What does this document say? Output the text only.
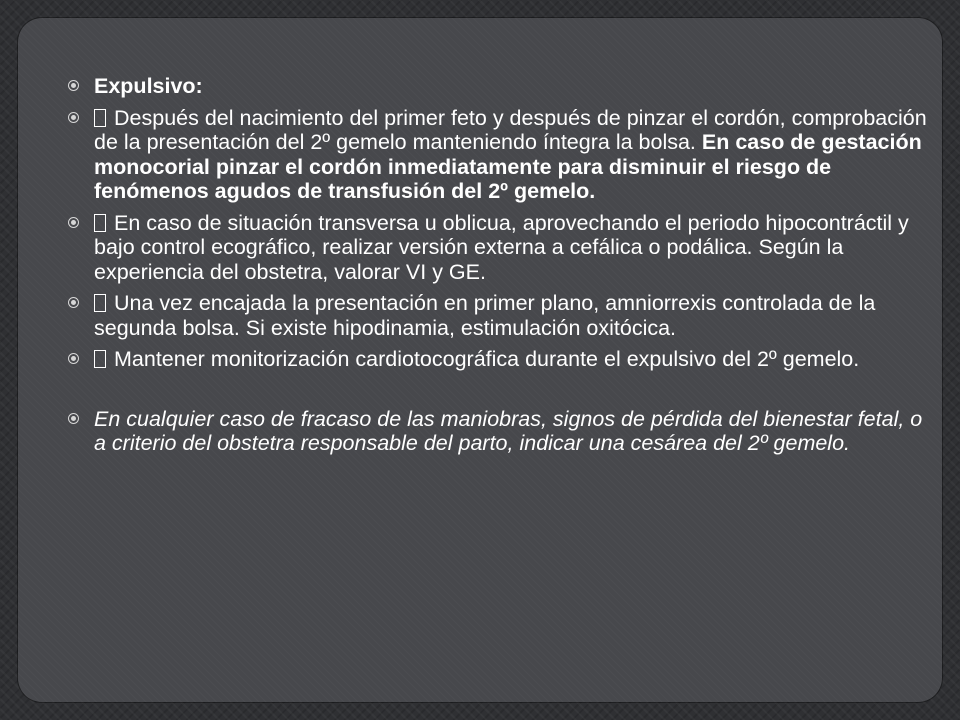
Expulsivo:
Después del nacimiento del primer feto y después de pinzar el cordón, comprobación de la presentación del 2º gemelo manteniendo íntegra la bolsa. En caso de gestación monocorial pinzar el cordón inmediatamente para disminuir el riesgo de fenómenos agudos de transfusión del 2º gemelo.
En caso de situación transversa u oblicua, aprovechando el periodo hipocontráctil y bajo control ecográfico, realizar versión externa a cefálica o podálica. Según la experiencia del obstetra, valorar VI y GE.
Una vez encajada la presentación en primer plano, amniorrexis controlada de la segunda bolsa. Si existe hipodinamia, estimulación oxitócica.
Mantener monitorización cardiotocográfica durante el expulsivo del 2º gemelo.
En cualquier caso de fracaso de las maniobras, signos de pérdida del bienestar fetal, o a criterio del obstetra responsable del parto, indicar una cesárea del 2º gemelo.
